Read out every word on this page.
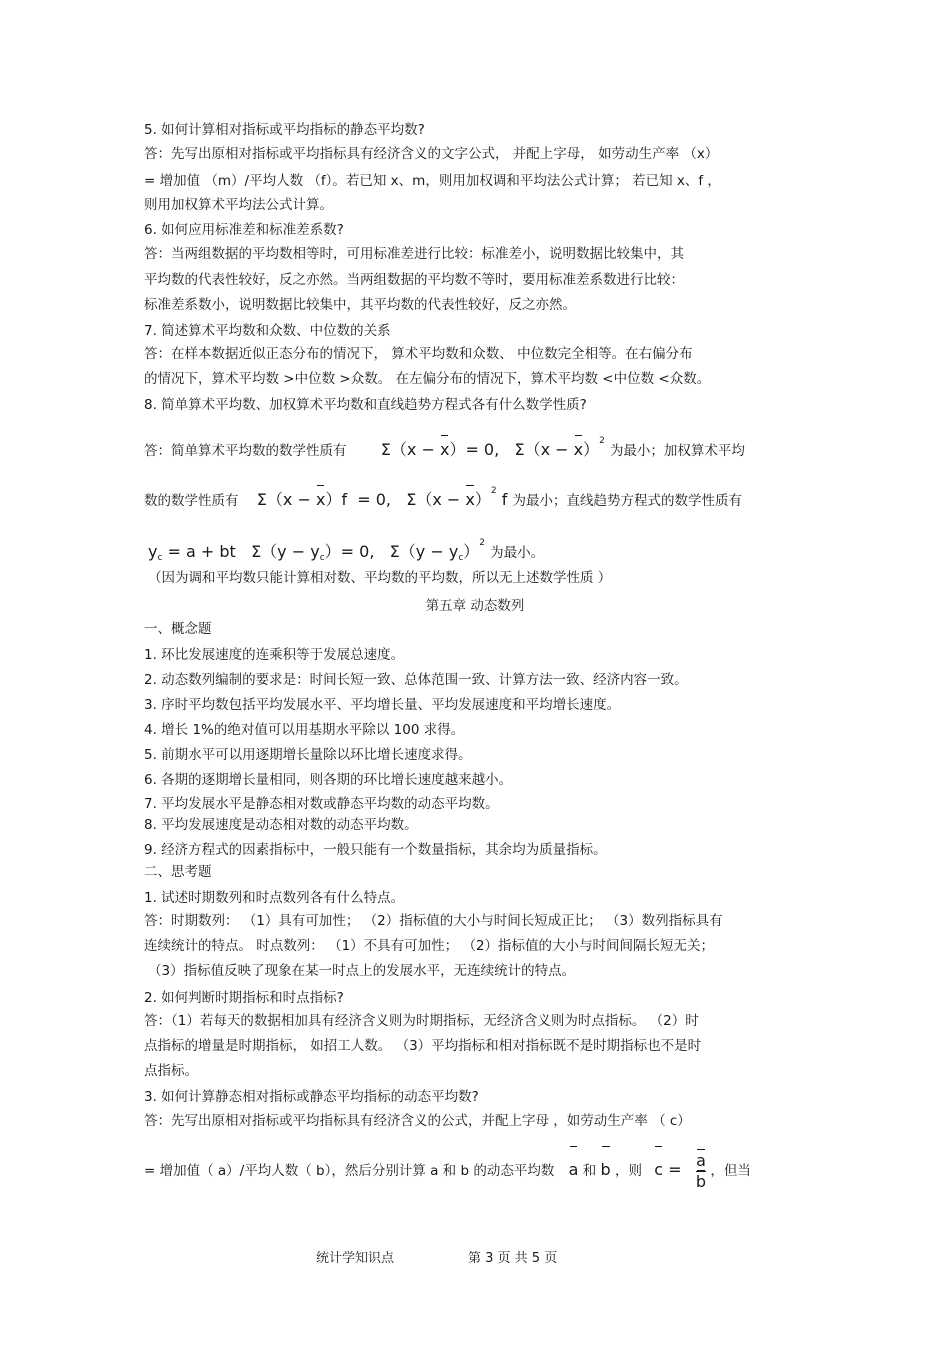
5. 如何计算相对指标或平均指标的静态平均数?
答：先写出原相对指标或平均指标具有经济含义的文字公式， 并配上字母， 如劳动生产率 （x）
= 增加值 （m）/平均人数 （f）。若已知 x、m，则用加权调和平均法公式计算； 若已知 x、f ，
则用加权算术平均法公式计算。
6. 如何应用标准差和标准差系数?
答：当两组数据的平均数相等时，可用标准差进行比较：标准差小，说明数据比较集中，其
平均数的代表性较好，反之亦然。当两组数据的平均数不等时，要用标准差系数进行比较：
标准差系数小，说明数据比较集中，其平均数的代表性较好，反之亦然。
7. 简述算术平均数和众数、中位数的关系
答：在样本数据近似正态分布的情况下， 算术平均数和众数、 中位数完全相等。在右偏分布
的情况下，算术平均数 >中位数 >众数。 在左偏分布的情况下，算术平均数 <中位数 <众数。
8. 简单算术平均数、加权算术平均数和直线趋势方程式各有什么数学性质?
答：简单算术平均数的数学性质有 Σ（x − x）= 0,   $\Sigma(x - x)^2$ 为最小；加权算术平均
数的数学性质有 Σ（x − x）f  = 0,   $\Sigma(x - x)^2$ f 为最小；直线趋势方程式的数学性质有
$y_c = a$ + bt   $\Sigma(y - y_c)= 0$,   $\Sigma(y - y_c)^2$ 为最小。
（因为调和平均数只能计算相对数、平均数的平均数，所以无上述数学性质 ）
第五章 动态数列
一、概念题
1. 环比发展速度的连乘积等于发展总速度。
2. 动态数列编制的要求是：时间长短一致、总体范围一致、计算方法一致、经济内容一致。
3. 序时平均数包括平均发展水平、平均增长量、平均发展速度和平均增长速度。
4. 增长 1%的绝对值可以用基期水平除以 100 求得。
5. 前期水平可以用逐期增长量除以环比增长速度求得。
6. 各期的逐期增长量相同，则各期的环比增长速度越来越小。
7. 平均发展水平是静态相对数或静态平均数的动态平均数。
8. 平均发展速度是动态相对数的动态平均数。
9. 经济方程式的因素指标中，一般只能有一个数量指标，其余均为质量指标。
二、思考题
1. 试述时期数列和时点数列各有什么特点。
答：时期数列： （1）具有可加性； （2）指标值的大小与时间长短成正比； （3）数列指标具有
连续统计的特点。 时点数列： （1）不具有可加性； （2）指标值的大小与时间间隔长短无关；
（3）指标值反映了现象在某一时点上的发展水平，无连续统计的特点。
2. 如何判断时期指标和时点指标?
答：（1）若每天的数据相加具有经济含义则为时期指标，无经济含义则为时点指标。 （2）时
点指标的增量是时期指标， 如招工人数。 （3）平均指标和相对指标既不是时期指标也不是时
点指标。
3. 如何计算静态相对指标或静态平均指标的动态平均数?
答：先写出原相对指标或平均指标具有经济含义的公式，并配上字母 ，如劳动生产率 （ c）
= 增加值（ a）/平均人数（ b），然后分别计算 a 和 b 的动态平均数 a 和 b ，则 $c = \frac{a}{b}$ ，但当
统计学知识点	第 3 页 共 5 页
